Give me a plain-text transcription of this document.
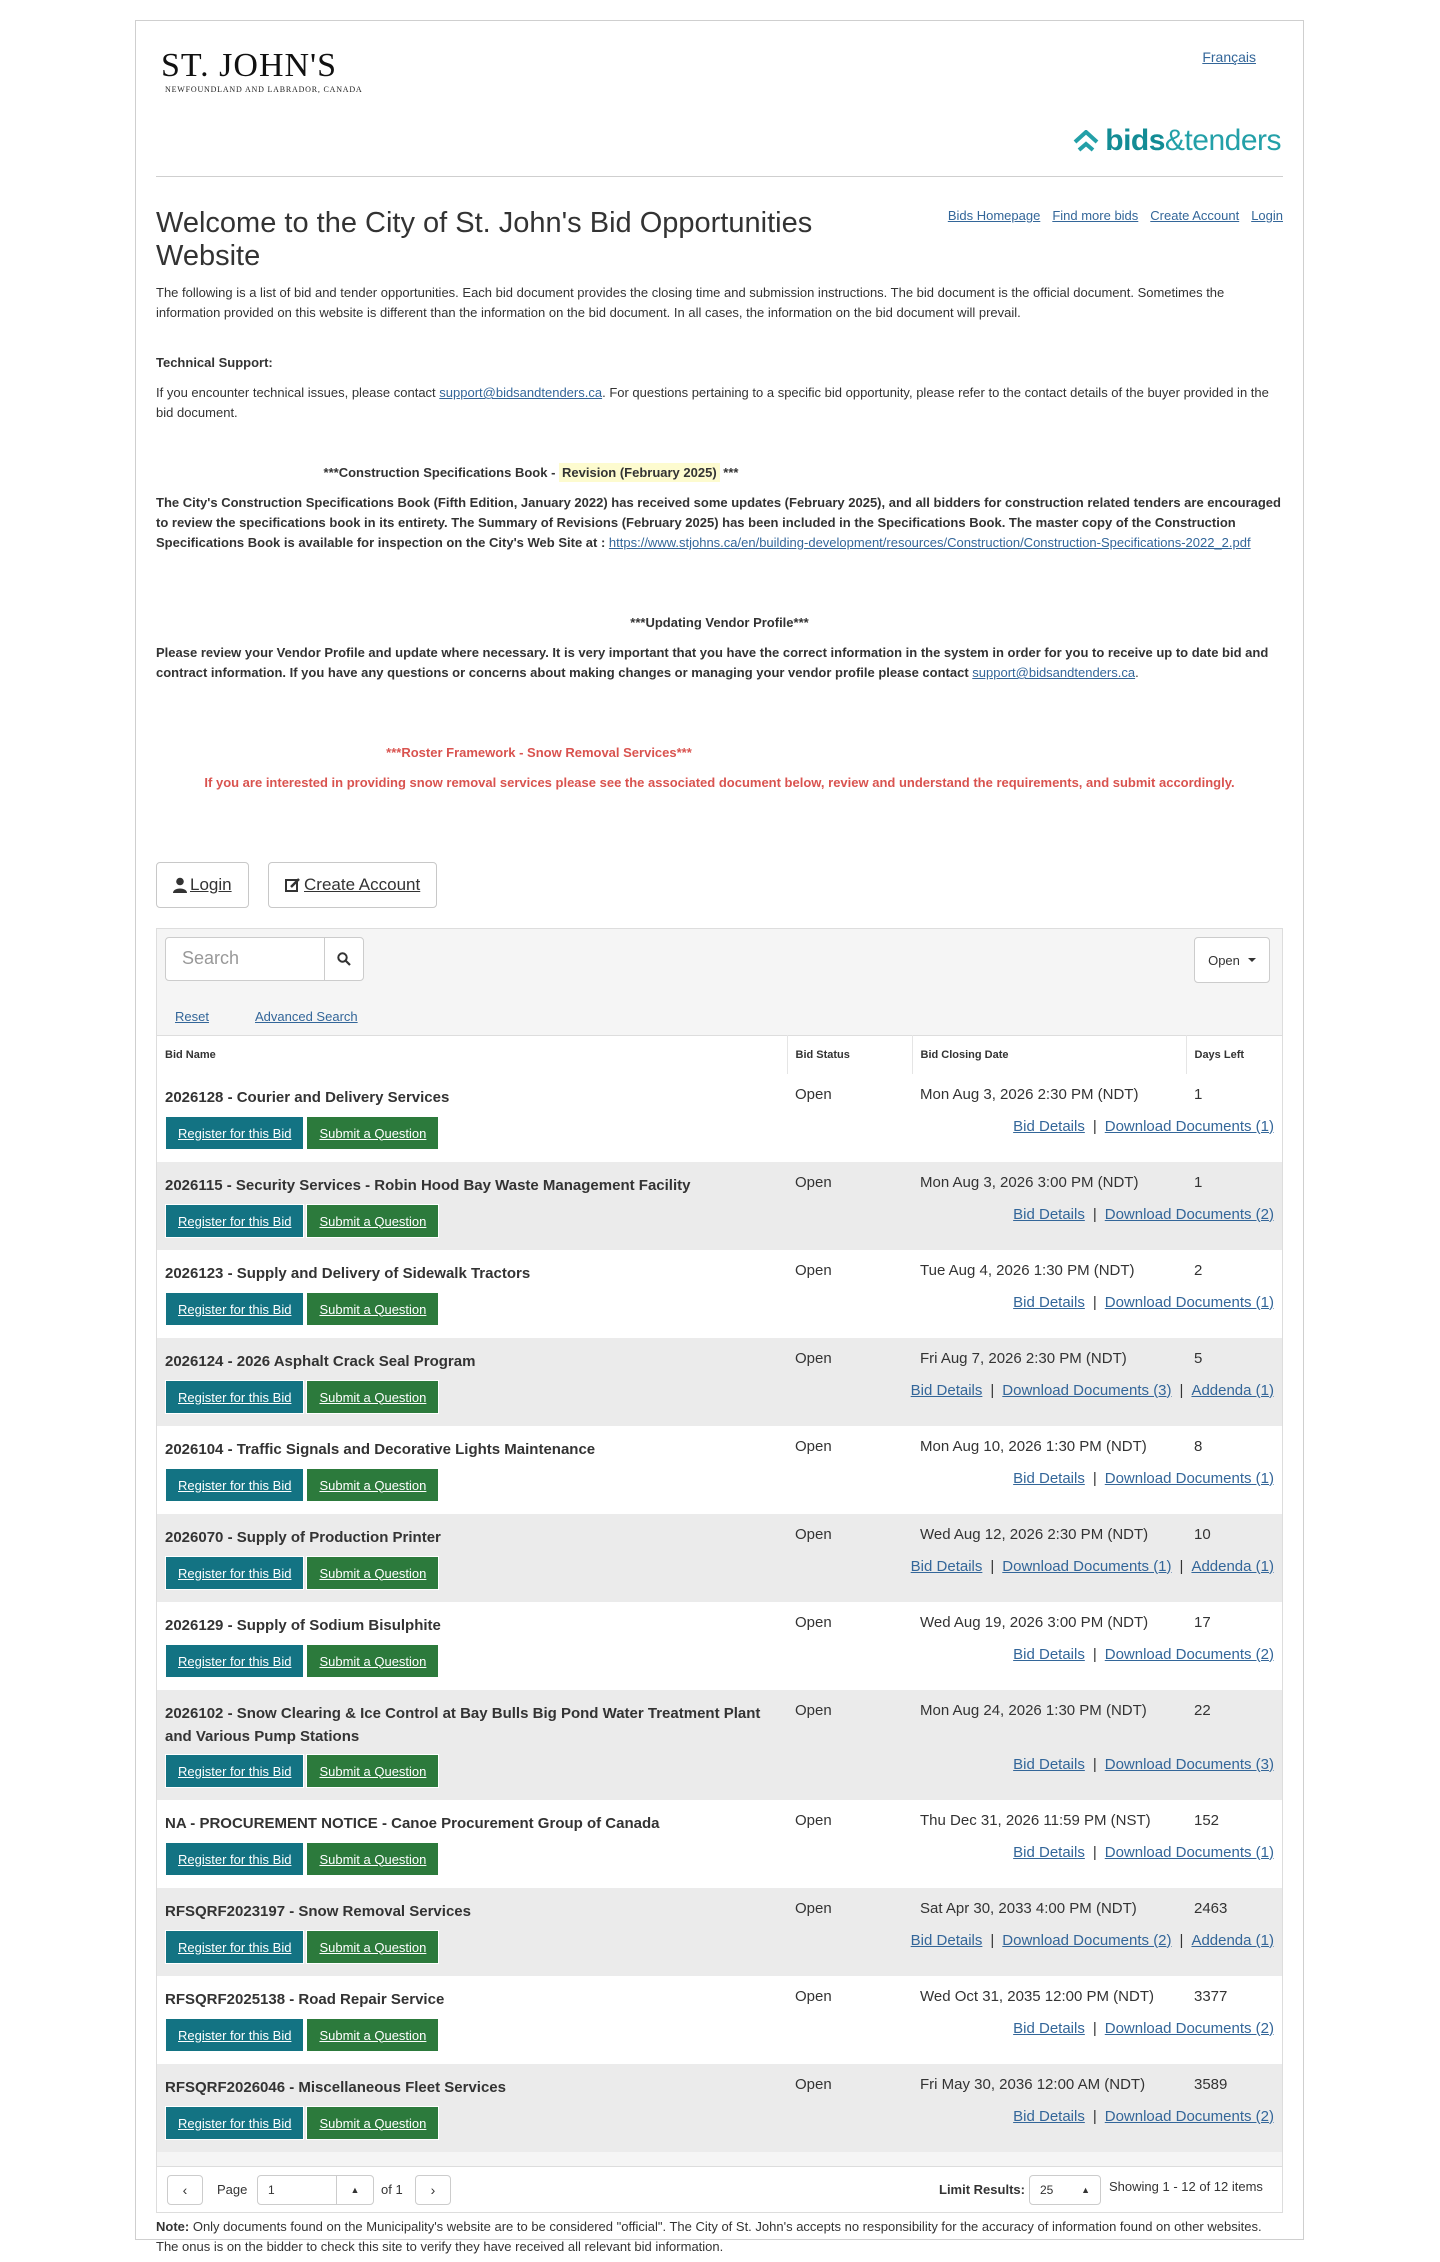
ST. JOHN'S
NEWFOUNDLAND AND LABRADOR, CANADA
Français
bids&tenders
Welcome to the City of St. John's Bid Opportunities Website
Bids Homepage Find more bids Create Account Login

The following is a list of bid and tender opportunities. Each bid document provides the closing time and submission instructions. The bid document is the official document. Sometimes the information provided on this website is different than the information on the bid document. In all cases, the information on the bid document will prevail.

Technical Support:

If you encounter technical issues, please contact support@bidsandtenders.ca. For questions pertaining to a specific bid opportunity, please refer to the contact details of the buyer provided in the bid document.

***Construction Specifications Book - Revision (February 2025) ***

The City's Construction Specifications Book (Fifth Edition, January 2022) has received some updates (February 2025), and all bidders for construction related tenders are encouraged to review the specifications book in its entirety. The Summary of Revisions (February 2025) has been included in the Specifications Book. The master copy of the Construction Specifications Book is available for inspection on the City's Web Site at : https://www.stjohns.ca/en/building-development/resources/Construction/Construction-Specifications-2022_2.pdf

***Updating Vendor Profile***

Please review your Vendor Profile and update where necessary. It is very important that you have the correct information in the system in order for you to receive up to date bid and contract information. If you have any questions or concerns about making changes or managing your vendor profile please contact support@bidsandtenders.ca.

***Roster Framework - Snow Removal Services***

If you are interested in providing snow removal services please see the associated document below, review and understand the requirements, and submit accordingly.

Login	Create Account
Search
Reset	Advanced Search
Open
Bid Name	Bid Status	Bid Closing Date	Days Left
2026128 - Courier and Delivery Services	Open	Mon Aug 3, 2026 2:30 PM (NDT)	1
Register for this Bid Submit a Question	Bid Details | Download Documents (1)		
2026115 - Security Services - Robin Hood Bay Waste Management Facility	Open	Mon Aug 3, 2026 3:00 PM (NDT)	1
Register for this Bid Submit a Question	Bid Details | Download Documents (2)		
2026123 - Supply and Delivery of Sidewalk Tractors	Open	Tue Aug 4, 2026 1:30 PM (NDT)	2
Register for this Bid Submit a Question	Bid Details | Download Documents (1)		
2026124 - 2026 Asphalt Crack Seal Program	Open	Fri Aug 7, 2026 2:30 PM (NDT)	5
Register for this Bid Submit a Question	Bid Details | Download Documents (3) | Addenda (1)		
2026104 - Traffic Signals and Decorative Lights Maintenance	Open	Mon Aug 10, 2026 1:30 PM (NDT)	8
Register for this Bid Submit a Question	Bid Details | Download Documents (1)		
2026070 - Supply of Production Printer	Open	Wed Aug 12, 2026 2:30 PM (NDT)	10
Register for this Bid Submit a Question	Bid Details | Download Documents (1) | Addenda (1)		
2026129 - Supply of Sodium Bisulphite	Open	Wed Aug 19, 2026 3:00 PM (NDT)	17
Register for this Bid Submit a Question	Bid Details | Download Documents (2)		
2026102 - Snow Clearing & Ice Control at Bay Bulls Big Pond Water Treatment Plant and Various Pump Stations	Open	Mon Aug 24, 2026 1:30 PM (NDT)	22
Register for this Bid Submit a Question	Bid Details | Download Documents (3)		
NA - PROCUREMENT NOTICE - Canoe Procurement Group of Canada	Open	Thu Dec 31, 2026 11:59 PM (NST)	152
Register for this Bid Submit a Question	Bid Details | Download Documents (1)		
RFSQRF2023197 - Snow Removal Services	Open	Sat Apr 30, 2033 4:00 PM (NDT)	2463
Register for this Bid Submit a Question	Bid Details | Download Documents (2) | Addenda (1)		
RFSQRF2025138 - Road Repair Service	Open	Wed Oct 31, 2035 12:00 PM (NDT)	3377
Register for this Bid Submit a Question	Bid Details | Download Documents (2)		
RFSQRF2026046 - Miscellaneous Fleet Services	Open	Fri May 30, 2036 12:00 AM (NDT)	3589
Register for this Bid Submit a Question	Bid Details | Download Documents (2)		
‹ Page	1	▲ of 1 ›	Limit Results:	25	▲ Showing 1 - 12 of 12 items

Note: Only documents found on the Municipality's website are to be considered "official". The City of St. John's accepts no responsibility for the accuracy of information found on other websites. The onus is on the bidder to check this site to verify they have received all relevant bid information.
